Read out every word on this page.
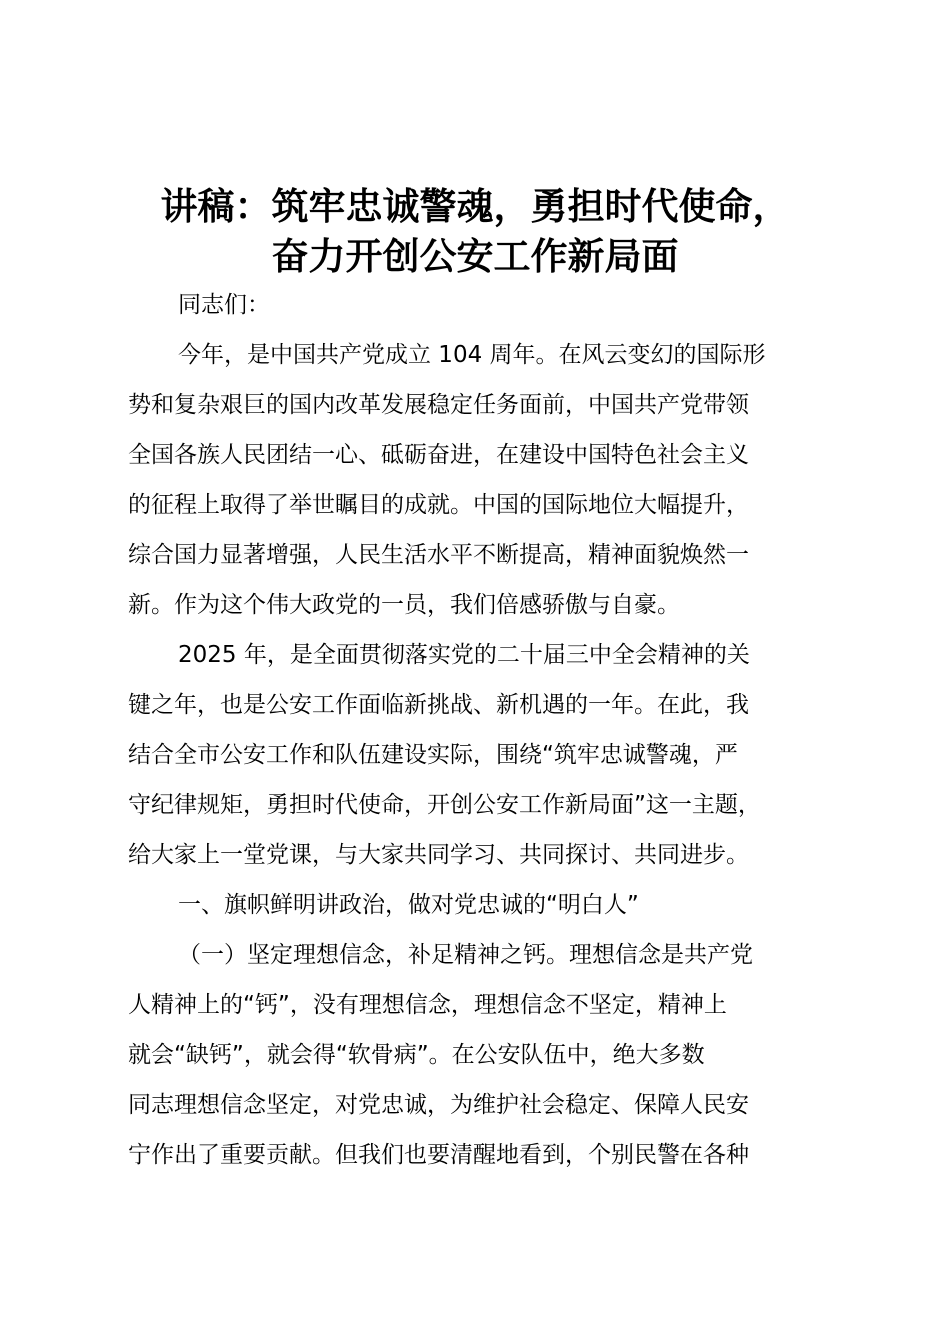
讲稿：筑牢忠诚警魂，勇担时代使命，
奋力开创公安工作新局面
同志们：
今年，是中国共产党成立 104 周年。在风云变幻的国际形
势和复杂艰巨的国内改革发展稳定任务面前，中国共产党带领
全国各族人民团结一心、砥砺奋进，在建设中国特色社会主义
的征程上取得了举世瞩目的成就。中国的国际地位大幅提升，
综合国力显著增强，人民生活水平不断提高，精神面貌焕然一
新。作为这个伟大政党的一员，我们倍感骄傲与自豪。
2025 年，是全面贯彻落实党的二十届三中全会精神的关
键之年，也是公安工作面临新挑战、新机遇的一年。在此，我
结合全市公安工作和队伍建设实际，围绕“筑牢忠诚警魂，严
守纪律规矩，勇担时代使命，开创公安工作新局面”这一主题，
给大家上一堂党课，与大家共同学习、共同探讨、共同进步。
一、旗帜鲜明讲政治，做对党忠诚的“明白人”
（一）坚定理想信念，补足精神之钙。理想信念是共产党
人精神上的“钙”，没有理想信念，理想信念不坚定，精神上
就会“缺钙”，就会得“软骨病”。在公安队伍中，绝大多数
同志理想信念坚定，对党忠诚，为维护社会稳定、保障人民安
宁作出了重要贡献。但我们也要清醒地看到，个别民警在各种
